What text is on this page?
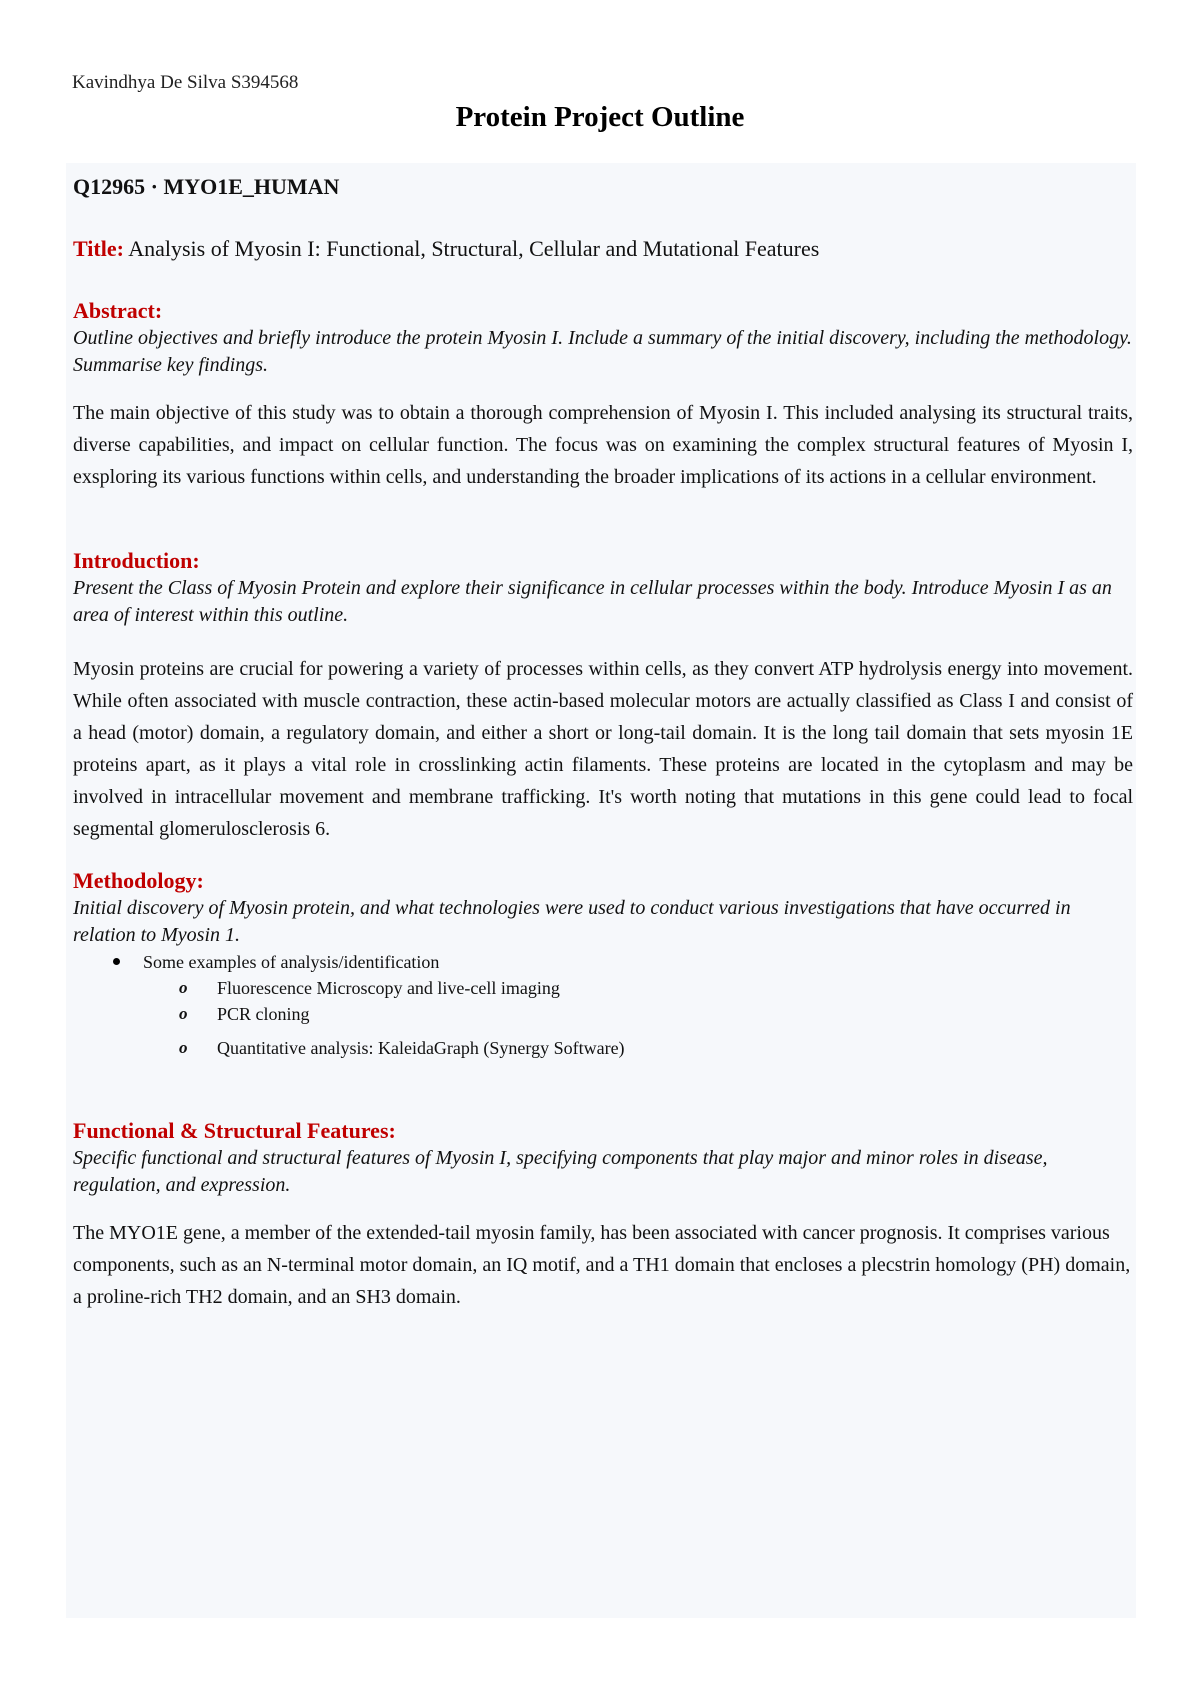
Kavindhya De Silva S394568
Protein Project Outline

Q12965 · MYO1E_HUMAN

Title: Analysis of Myosin I: Functional, Structural, Cellular and Mutational Features

Abstract:

Outline objectives and briefly introduce the protein Myosin I. Include a summary of the initial discovery, including the methodology. Summarise key findings.

The main objective of this study was to obtain a thorough comprehension of Myosin I. This included analysing its structural traits, diverse capabilities, and impact on cellular function. The focus was on examining the complex structural features of Myosin I, exsploring its various functions within cells, and understanding the broader implications of its actions in a cellular environment.

Introduction:

Present the Class of Myosin Protein and explore their significance in cellular processes within the body. Introduce Myosin I as an area of interest within this outline.

Myosin proteins are crucial for powering a variety of processes within cells, as they convert ATP hydrolysis energy into movement. While often associated with muscle contraction, these actin-based molecular motors are actually classified as Class I and consist of a head (motor) domain, a regulatory domain, and either a short or long-tail domain. It is the long tail domain that sets myosin 1E proteins apart, as it plays a vital role in crosslinking actin filaments. These proteins are located in the cytoplasm and may be involved in intracellular movement and membrane trafficking. It's worth noting that mutations in this gene could lead to focal segmental glomerulosclerosis 6.

Methodology:

Initial discovery of Myosin protein, and what technologies were used to conduct various investigations that have occurred in relation to Myosin 1.

Some examples of analysis/identification
o Fluorescence Microscopy and live-cell imaging
o PCR cloning
o Quantitative analysis: KaleidaGraph (Synergy Software)

Functional & Structural Features:

Specific functional and structural features of Myosin I, specifying components that play major and minor roles in disease, regulation, and expression.

The MYO1E gene, a member of the extended-tail myosin family, has been associated with cancer prognosis. It comprises various components, such as an N-terminal motor domain, an IQ motif, and a TH1 domain that encloses a plecstrin homology (PH) domain, a proline-rich TH2 domain, and an SH3 domain.
